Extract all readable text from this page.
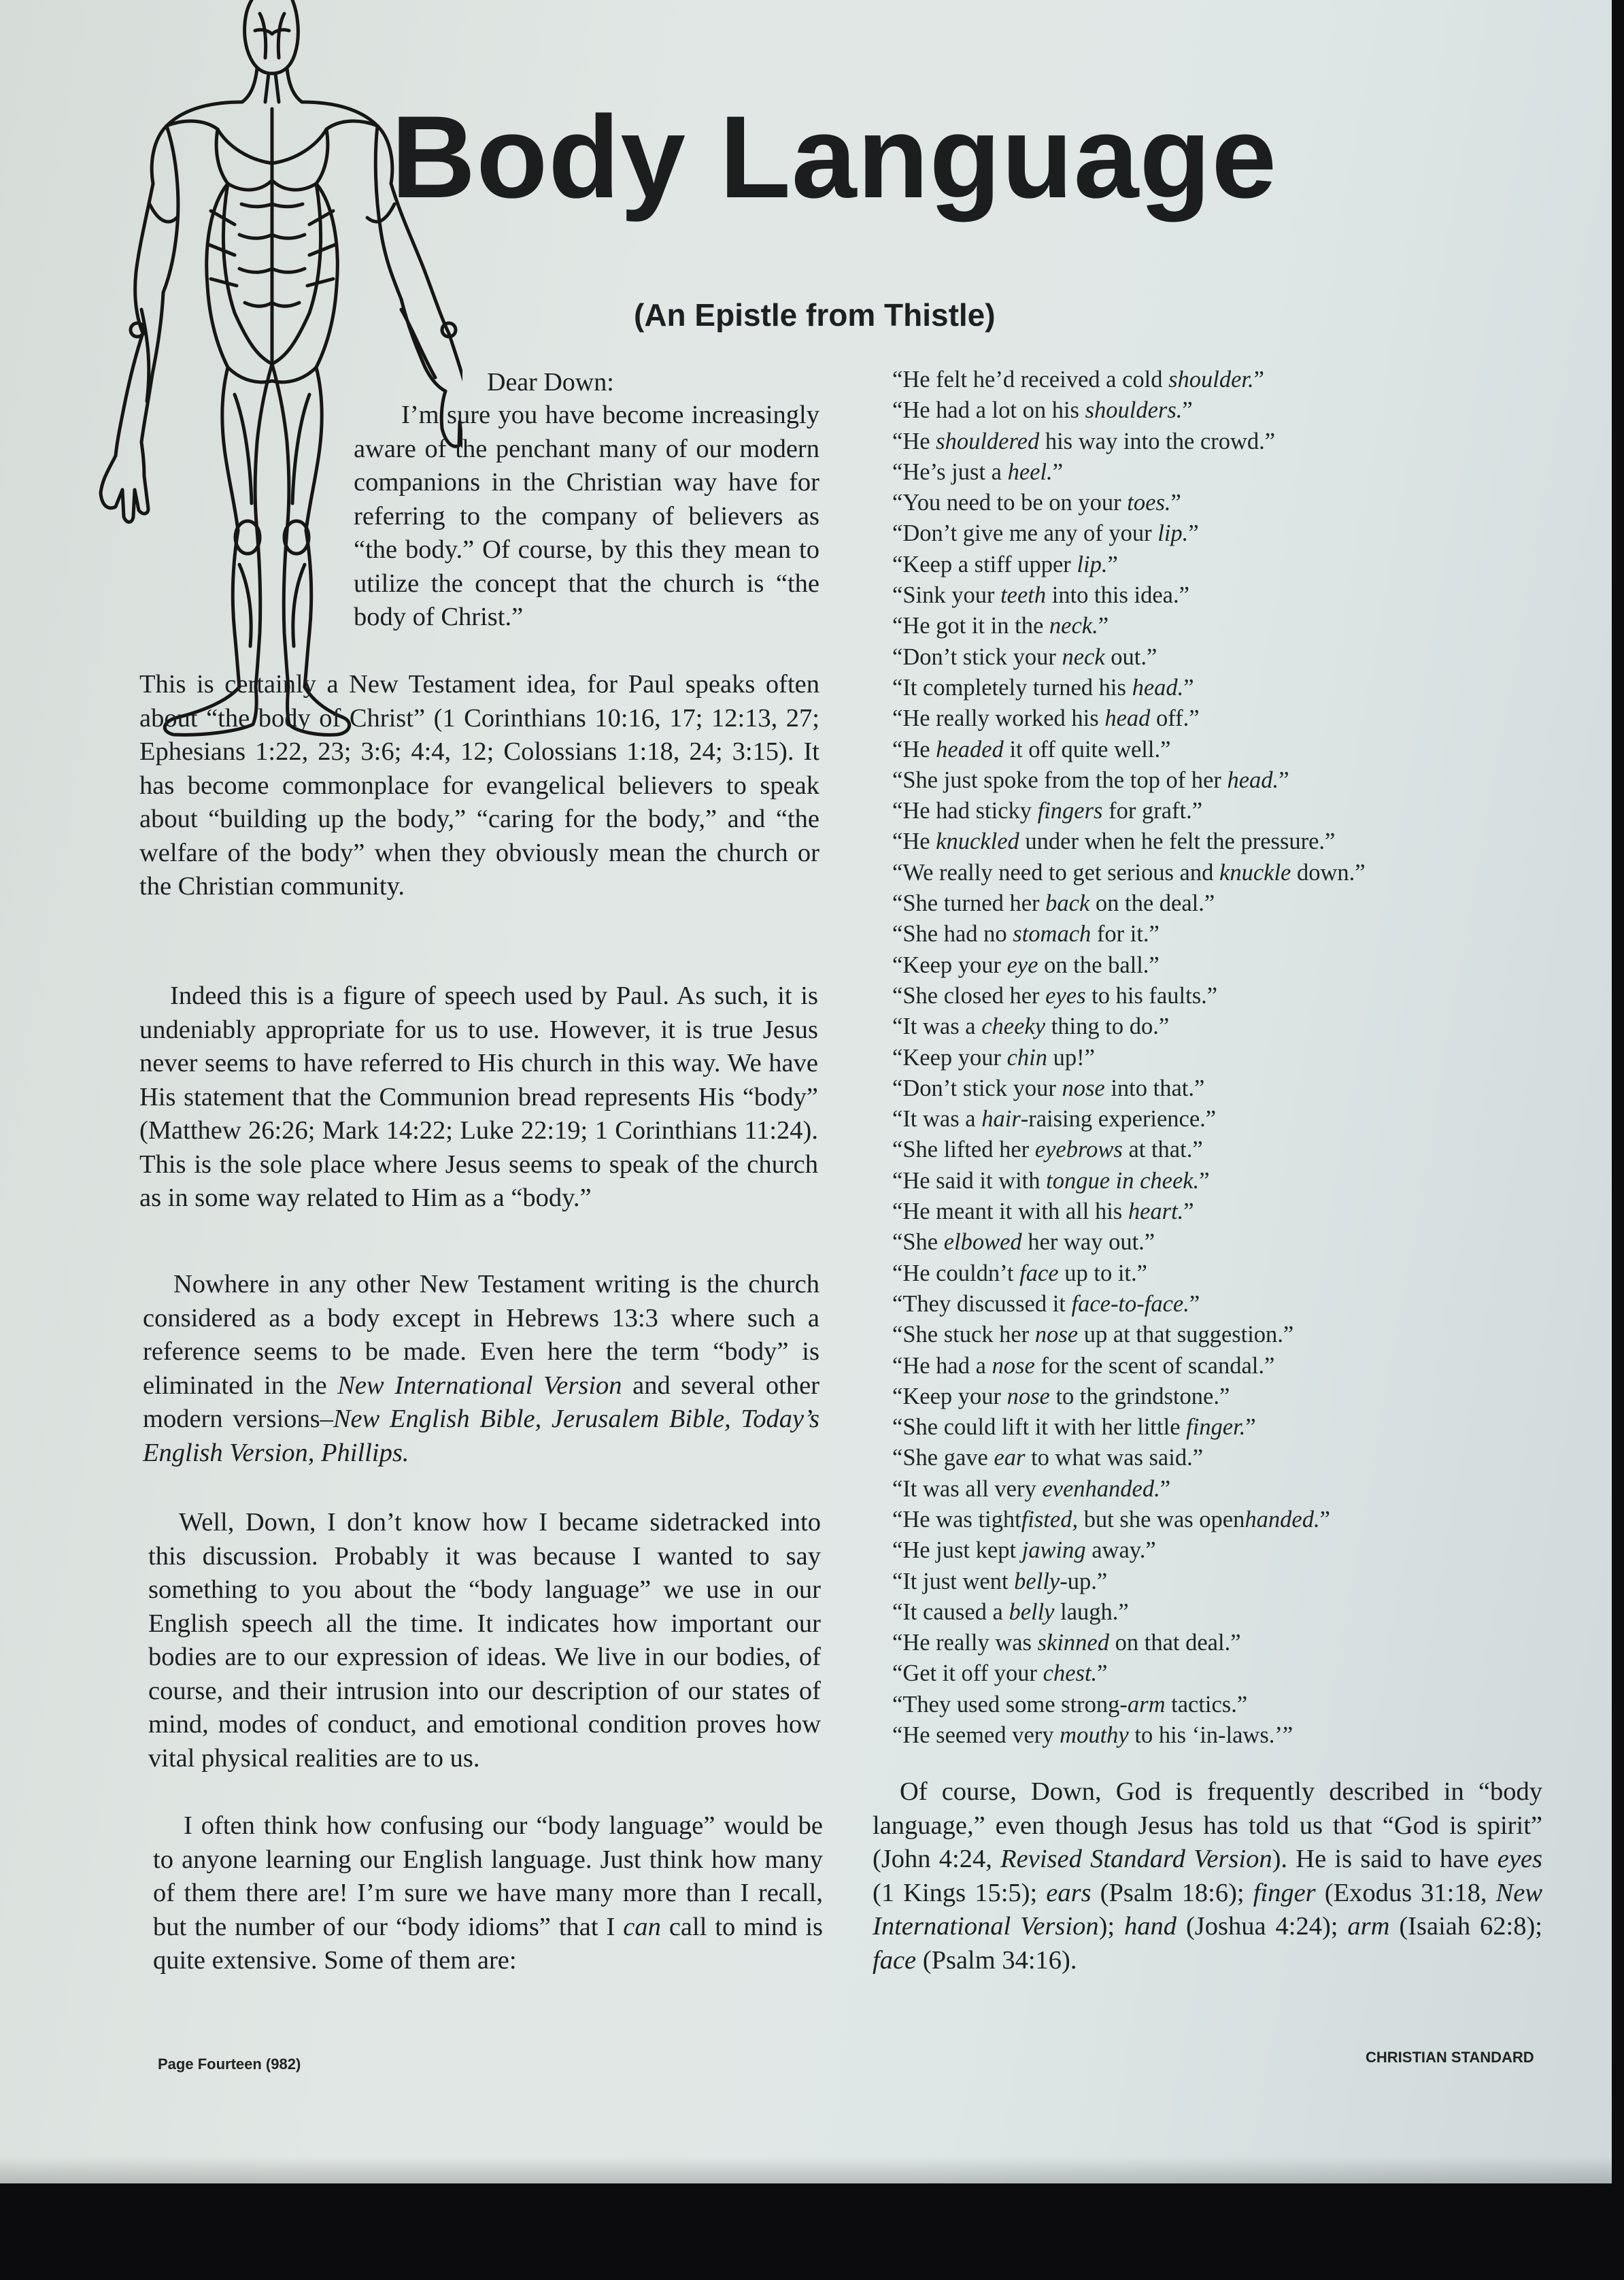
Body Language
(An Epistle from Thistle)
Dear Down:
I’m sure you have become increasingly aware of the penchant many of our modern companions in the Christian way have for referring to the company of believers as “the body.” Of course, by this they mean to utilize the concept that the church is “the body of Christ.”
This is certainly a New Testament idea, for Paul speaks often about “the body of Christ” (1 Corinthians 10:16, 17; 12:13, 27; Ephesians 1:22, 23; 3:6; 4:4, 12; Colossians 1:18, 24; 3:15). It has become commonplace for evangelical believers to speak about “building up the body,” “caring for the body,” and “the welfare of the body” when they obviously mean the church or the Christian community.
Indeed this is a figure of speech used by Paul. As such, it is undeniably appropriate for us to use. However, it is true Jesus never seems to have referred to His church in this way. We have His statement that the Communion bread represents His “body” (Matthew 26:26; Mark 14:22; Luke 22:19; 1 Corinthians 11:24). This is the sole place where Jesus seems to speak of the church as in some way related to Him as a “body.”
Nowhere in any other New Testament writing is the church considered as a body except in Hebrews 13:3 where such a reference seems to be made. Even here the term “body” is eliminated in the New International Version and several other modern versions–New English Bible, Jerusalem Bible, Today’s English Version, Phillips.
Well, Down, I don’t know how I became sidetracked into this discussion. Probably it was because I wanted to say something to you about the “body language” we use in our English speech all the time. It indicates how important our bodies are to our expression of ideas. We live in our bodies, of course, and their intrusion into our description of our states of mind, modes of conduct, and emotional condition proves how vital physical realities are to us.
I often think how confusing our “body language” would be to anyone learning our English language. Just think how many of them there are! I’m sure we have many more than I recall, but the number of our “body idioms” that I can call to mind is quite extensive. Some of them are:
“He felt he’d received a cold shoulder.”
“He had a lot on his shoulders.”
“He shouldered his way into the crowd.”
“He’s just a heel.”
“You need to be on your toes.”
“Don’t give me any of your lip.”
“Keep a stiff upper lip.”
“Sink your teeth into this idea.”
“He got it in the neck.”
“Don’t stick your neck out.”
“It completely turned his head.”
“He really worked his head off.”
“He headed it off quite well.”
“She just spoke from the top of her head.”
“He had sticky fingers for graft.”
“He knuckled under when he felt the pressure.”
“We really need to get serious and knuckle down.”
“She turned her back on the deal.”
“She had no stomach for it.”
“Keep your eye on the ball.”
“She closed her eyes to his faults.”
“It was a cheeky thing to do.”
“Keep your chin up!”
“Don’t stick your nose into that.”
“It was a hair-raising experience.”
“She lifted her eyebrows at that.”
“He said it with tongue in cheek.”
“He meant it with all his heart.”
“She elbowed her way out.”
“He couldn’t face up to it.”
“They discussed it face-to-face.”
“She stuck her nose up at that suggestion.”
“He had a nose for the scent of scandal.”
“Keep your nose to the grindstone.”
“She could lift it with her little finger.”
“She gave ear to what was said.”
“It was all very evenhanded.”
“He was tightfisted, but she was openhanded.”
“He just kept jawing away.”
“It just went belly-up.”
“It caused a belly laugh.”
“He really was skinned on that deal.”
“Get it off your chest.”
“They used some strong-arm tactics.”
“He seemed very mouthy to his ‘in-laws.’”
Of course, Down, God is frequently described in “body language,” even though Jesus has told us that “God is spirit” (John 4:24, Revised Standard Version). He is said to have eyes (1 Kings 15:5); ears (Psalm 18:6); finger (Exodus 31:18, New International Version); hand (Joshua 4:24); arm (Isaiah 62:8); face (Psalm 34:16).
Page Fourteen (982)	CHRISTIAN STANDARD
